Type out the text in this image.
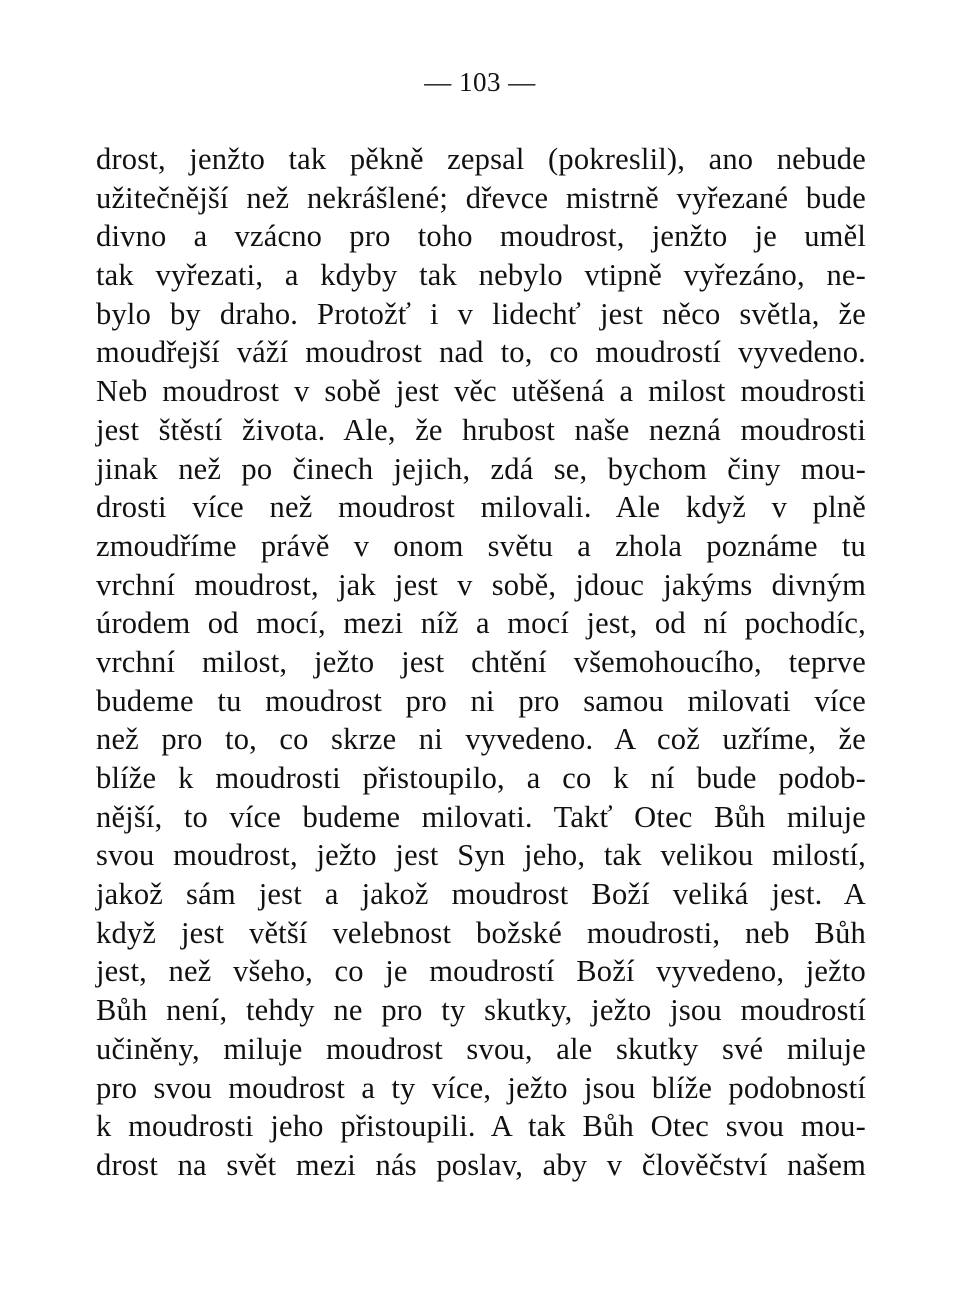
— 103 —
drost, jenžto tak pěkně zepsal (pokreslil), ano nebude
užitečnější než nekrášlené; dřevce mistrně vyřezané bude
divno a vzácno pro toho moudrost, jenžto je uměl
tak vyřezati, a kdyby tak nebylo vtipně vyřezáno, ne-
bylo by draho. Protožť i v lidechť jest něco světla, že
moudřejší váží moudrost nad to, co moudrostí vyvedeno.
Neb moudrost v sobě jest věc utěšená a milost moudrosti
jest štěstí života. Ale, že hrubost naše nezná moudrosti
jinak než po činech jejich, zdá se, bychom činy mou-
drosti více než moudrost milovali. Ale když v plně
zmoudříme právě v onom světu a zhola poznáme tu
vrchní moudrost, jak jest v sobě, jdouc jakýms divným
úrodem od mocí, mezi níž a mocí jest, od ní pochodíc,
vrchní milost, ježto jest chtění všemohoucího, teprve
budeme tu moudrost pro ni pro samou milovati více
než pro to, co skrze ni vyvedeno. A což uzříme, že
blíže k moudrosti přistoupilo, a co k ní bude podob-
nější, to více budeme milovati. Takť Otec Bůh miluje
svou moudrost, ježto jest Syn jeho, tak velikou milostí,
jakož sám jest a jakož moudrost Boží veliká jest. A
když jest větší velebnost božské moudrosti, neb Bůh
jest, než všeho, co je moudrostí Boží vyvedeno, ježto
Bůh není, tehdy ne pro ty skutky, ježto jsou moudrostí
učiněny, miluje moudrost svou, ale skutky své miluje
pro svou moudrost a ty více, ježto jsou blíže podobností
k moudrosti jeho přistoupili. A tak Bůh Otec svou mou-
drost na svět mezi nás poslav, aby v člověčství našem
